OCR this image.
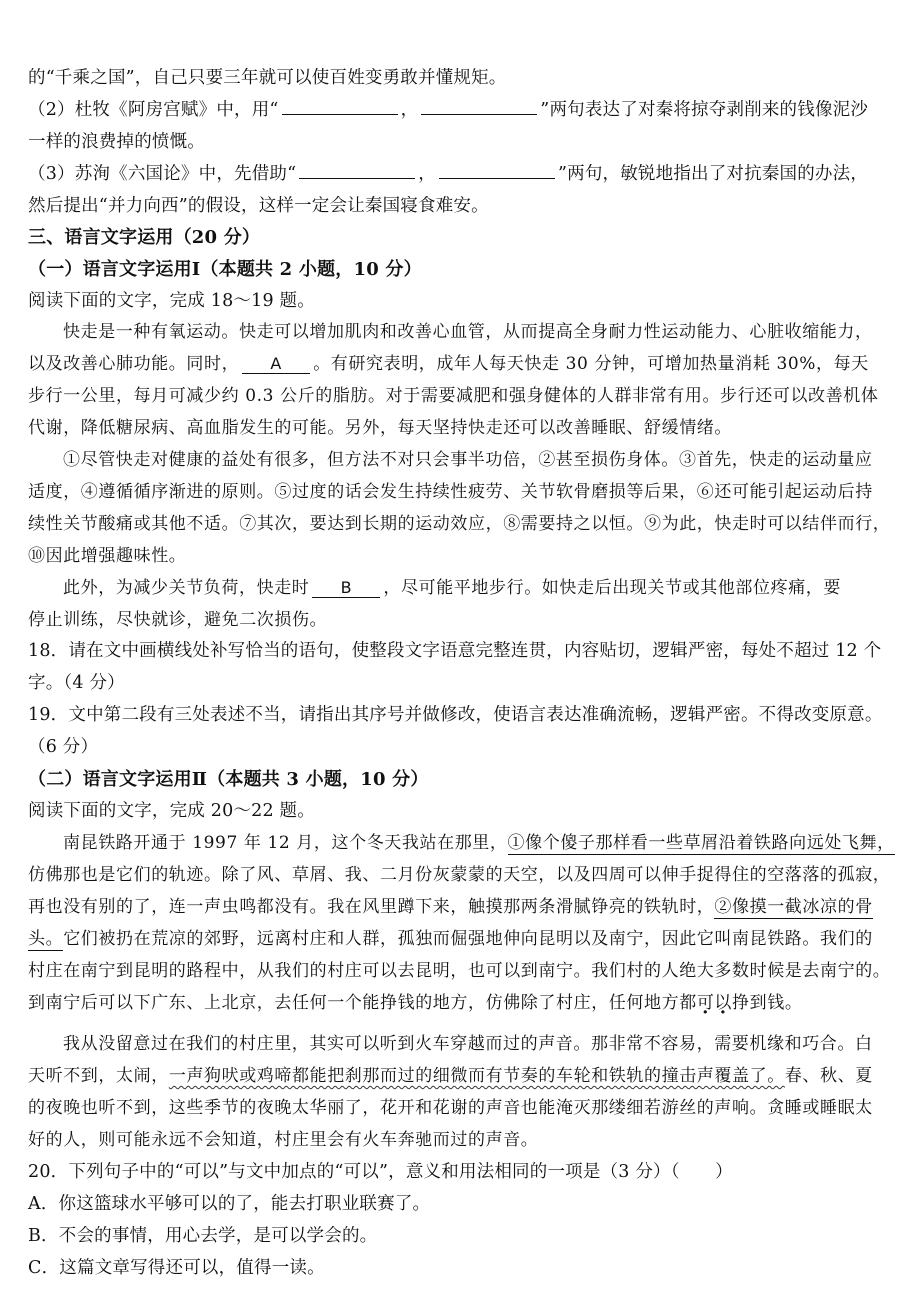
的“千乘之国”，自己只要三年就可以使百姓变勇敢并懂规矩。
（2）杜牧《阿房宫赋》中，用“	，	”两句表达了对秦将掠夺剥削来的钱像泥沙
一样的浪费掉的愤慨。
（3）苏洵《六国论》中，先借助“	，	”两句，敏锐地指出了对抗秦国的办法，
然后提出“并力向西”的假设，这样一定会让秦国寝食难安。
三、语言文字运用（20 分）
（一）语言文字运用Ⅰ（本题共 2 小题，10 分）
阅读下面的文字，完成 18～19 题。
快走是一种有氧运动。快走可以增加肌肉和改善心血管，从而提高全身耐力性运动能力、心脏收缩能力，
以及改善心肺功能。同时， A 。有研究表明，成年人每天快走 30 分钟，可增加热量消耗 30%，每天
步行一公里，每月可减少约 0.3 公斤的脂肪。对于需要减肥和强身健体的人群非常有用。步行还可以改善机体
代谢，降低糖尿病、高血脂发生的可能。另外，每天坚持快走还可以改善睡眠、舒缓情绪。
①尽管快走对健康的益处有很多，但方法不对只会事半功倍，②甚至损伤身体。③首先，快走的运动量应
适度，④遵循循序渐进的原则。⑤过度的话会发生持续性疲劳、关节软骨磨损等后果，⑥还可能引起运动后持
续性关节酸痛或其他不适。⑦其次，要达到长期的运动效应，⑧需要持之以恒。⑨为此，快走时可以结伴而行，
⑩因此增强趣味性。
此外，为减少关节负荷，快走时 B ，尽可能平地步行。如快走后出现关节或其他部位疼痛，要
停止训练，尽快就诊，避免二次损伤。
18．请在文中画横线处补写恰当的语句，使整段文字语意完整连贯，内容贴切，逻辑严密，每处不超过 12 个
字。（4 分）
19．文中第二段有三处表述不当，请指出其序号并做修改，使语言表达准确流畅，逻辑严密。不得改变原意。
（6 分）
（二）语言文字运用Ⅱ（本题共 3 小题，10 分）
阅读下面的文字，完成 20～22 题。
南昆铁路开通于 1997 年 12 月，这个冬天我站在那里，①像个傻子那样看一些草屑沿着铁路向远处飞舞，
仿佛那也是它们的轨迹。除了风、草屑、我、二月份灰蒙蒙的天空，以及四周可以伸手捉得住的空落落的孤寂，
再也没有别的了，连一声虫鸣都没有。我在风里蹲下来，触摸那两条滑腻铮亮的铁轨时，②像摸一截冰凉的骨
头。它们被扔在荒凉的郊野，远离村庄和人群，孤独而倔强地伸向昆明以及南宁，因此它叫南昆铁路。我们的
村庄在南宁到昆明的路程中，从我们的村庄可以去昆明，也可以到南宁。我们村的人绝大多数时候是去南宁的。
到南宁后可以下广东、上北京，去任何一个能挣钱的地方，仿佛除了村庄，任何地方都可以挣到钱。
我从没留意过在我们的村庄里，其实可以听到火车穿越而过的声音。那非常不容易，需要机缘和巧合。白
天听不到，太闹，一声狗吠或鸡啼都能把刹那而过的细微而有节奏的车轮和铁轨的撞击声覆盖了。春、秋、夏
的夜晚也听不到，这些季节的夜晚太华丽了，花开和花谢的声音也能淹灭那缕细若游丝的声响。贪睡或睡眠太
好的人，则可能永远不会知道，村庄里会有火车奔驰而过的声音。
20．下列句子中的“可以”与文中加点的“可以”，意义和用法相同的一项是（3 分）（　　）
A．你这篮球水平够可以的了，能去打职业联赛了。
B．不会的事情，用心去学，是可以学会的。
C．这篇文章写得还可以，值得一读。
